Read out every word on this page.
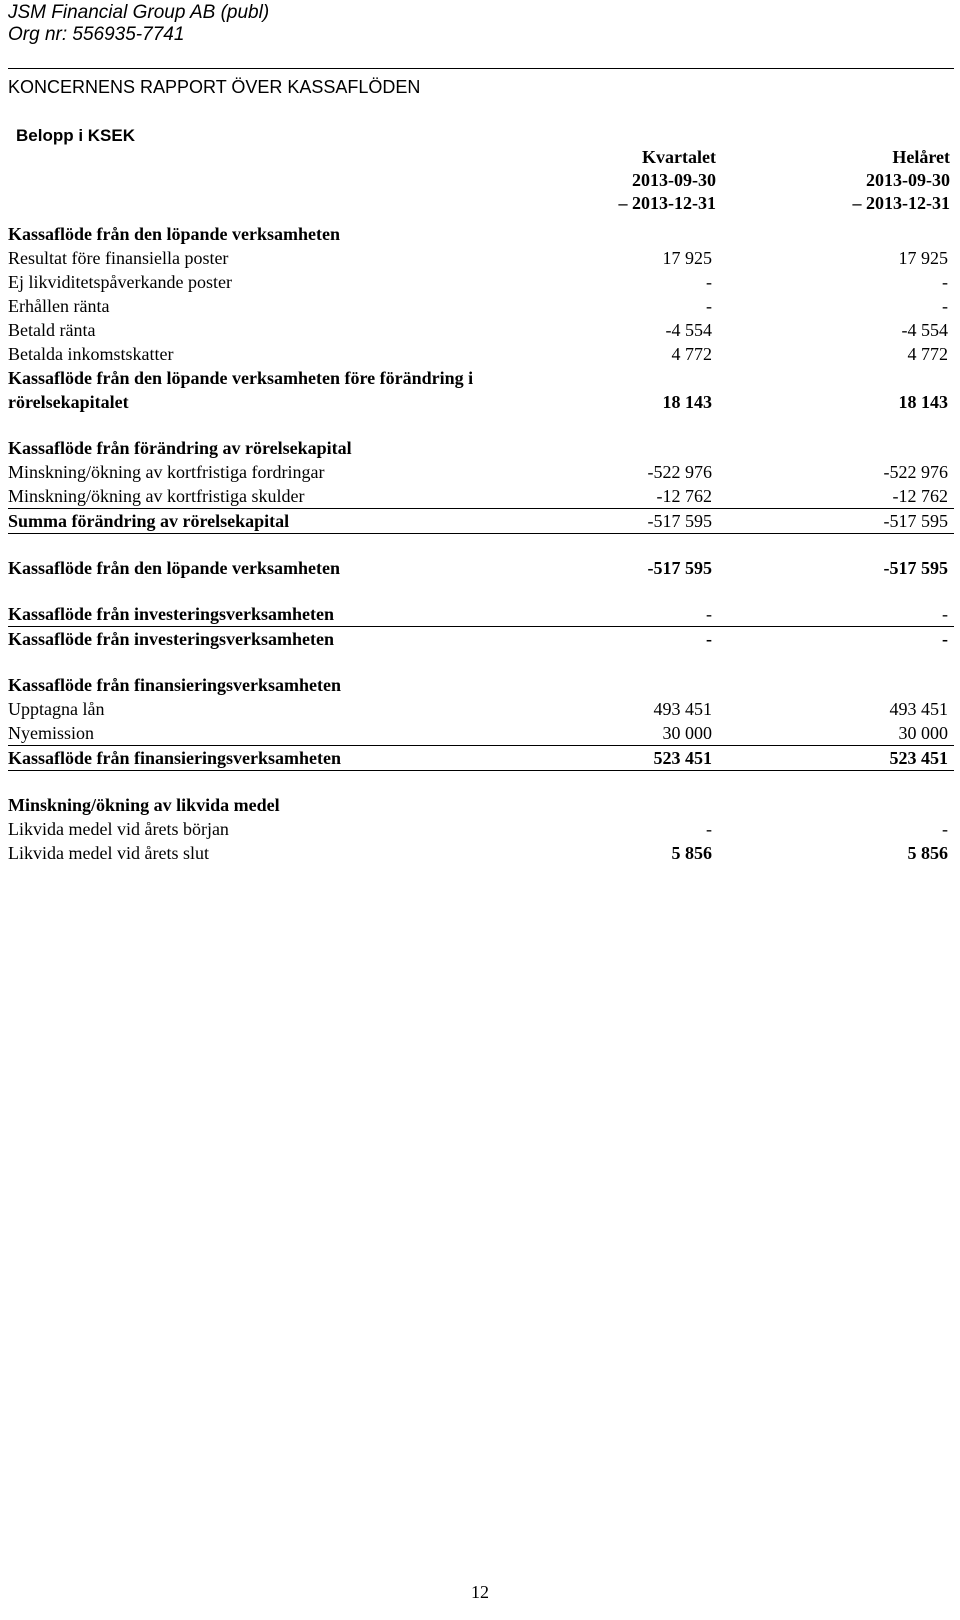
JSM Financial Group AB (publ)
Org nr: 556935-7741
KONCERNENS RAPPORT ÖVER KASSAFLÖDEN
Belopp i KSEK
Kvartalet
2013-09-30
– 2013-12-31
Helåret
2013-09-30
– 2013-12-31
Kassaflöde från den löpande verksamheten		
Resultat före finansiella poster	17 925	17 925
Ej likviditetspåverkande poster	-	-
Erhållen ränta	-	-
Betald ränta	-4 554	-4 554
Betalda inkomstskatter	4 772	4 772
Kassaflöde från den löpande verksamheten före förändring i rörelsekapitalet	18 143	18 143

Kassaflöde från förändring av rörelsekapital		
Minskning/ökning av kortfristiga fordringar	-522 976	-522 976
Minskning/ökning av kortfristiga skulder	-12 762	-12 762
Summa förändring av rörelsekapital	-517 595	-517 595

Kassaflöde från den löpande verksamheten	-517 595	-517 595

Kassaflöde från investeringsverksamheten	-	-
Kassaflöde från investeringsverksamheten	-	-

Kassaflöde från finansieringsverksamheten		
Upptagna lån	493 451	493 451
Nyemission	30 000	30 000
Kassaflöde från finansieringsverksamheten	523 451	523 451

Minskning/ökning av likvida medel		
Likvida medel vid årets början	-	-
Likvida medel vid årets slut	5 856	5 856
12
